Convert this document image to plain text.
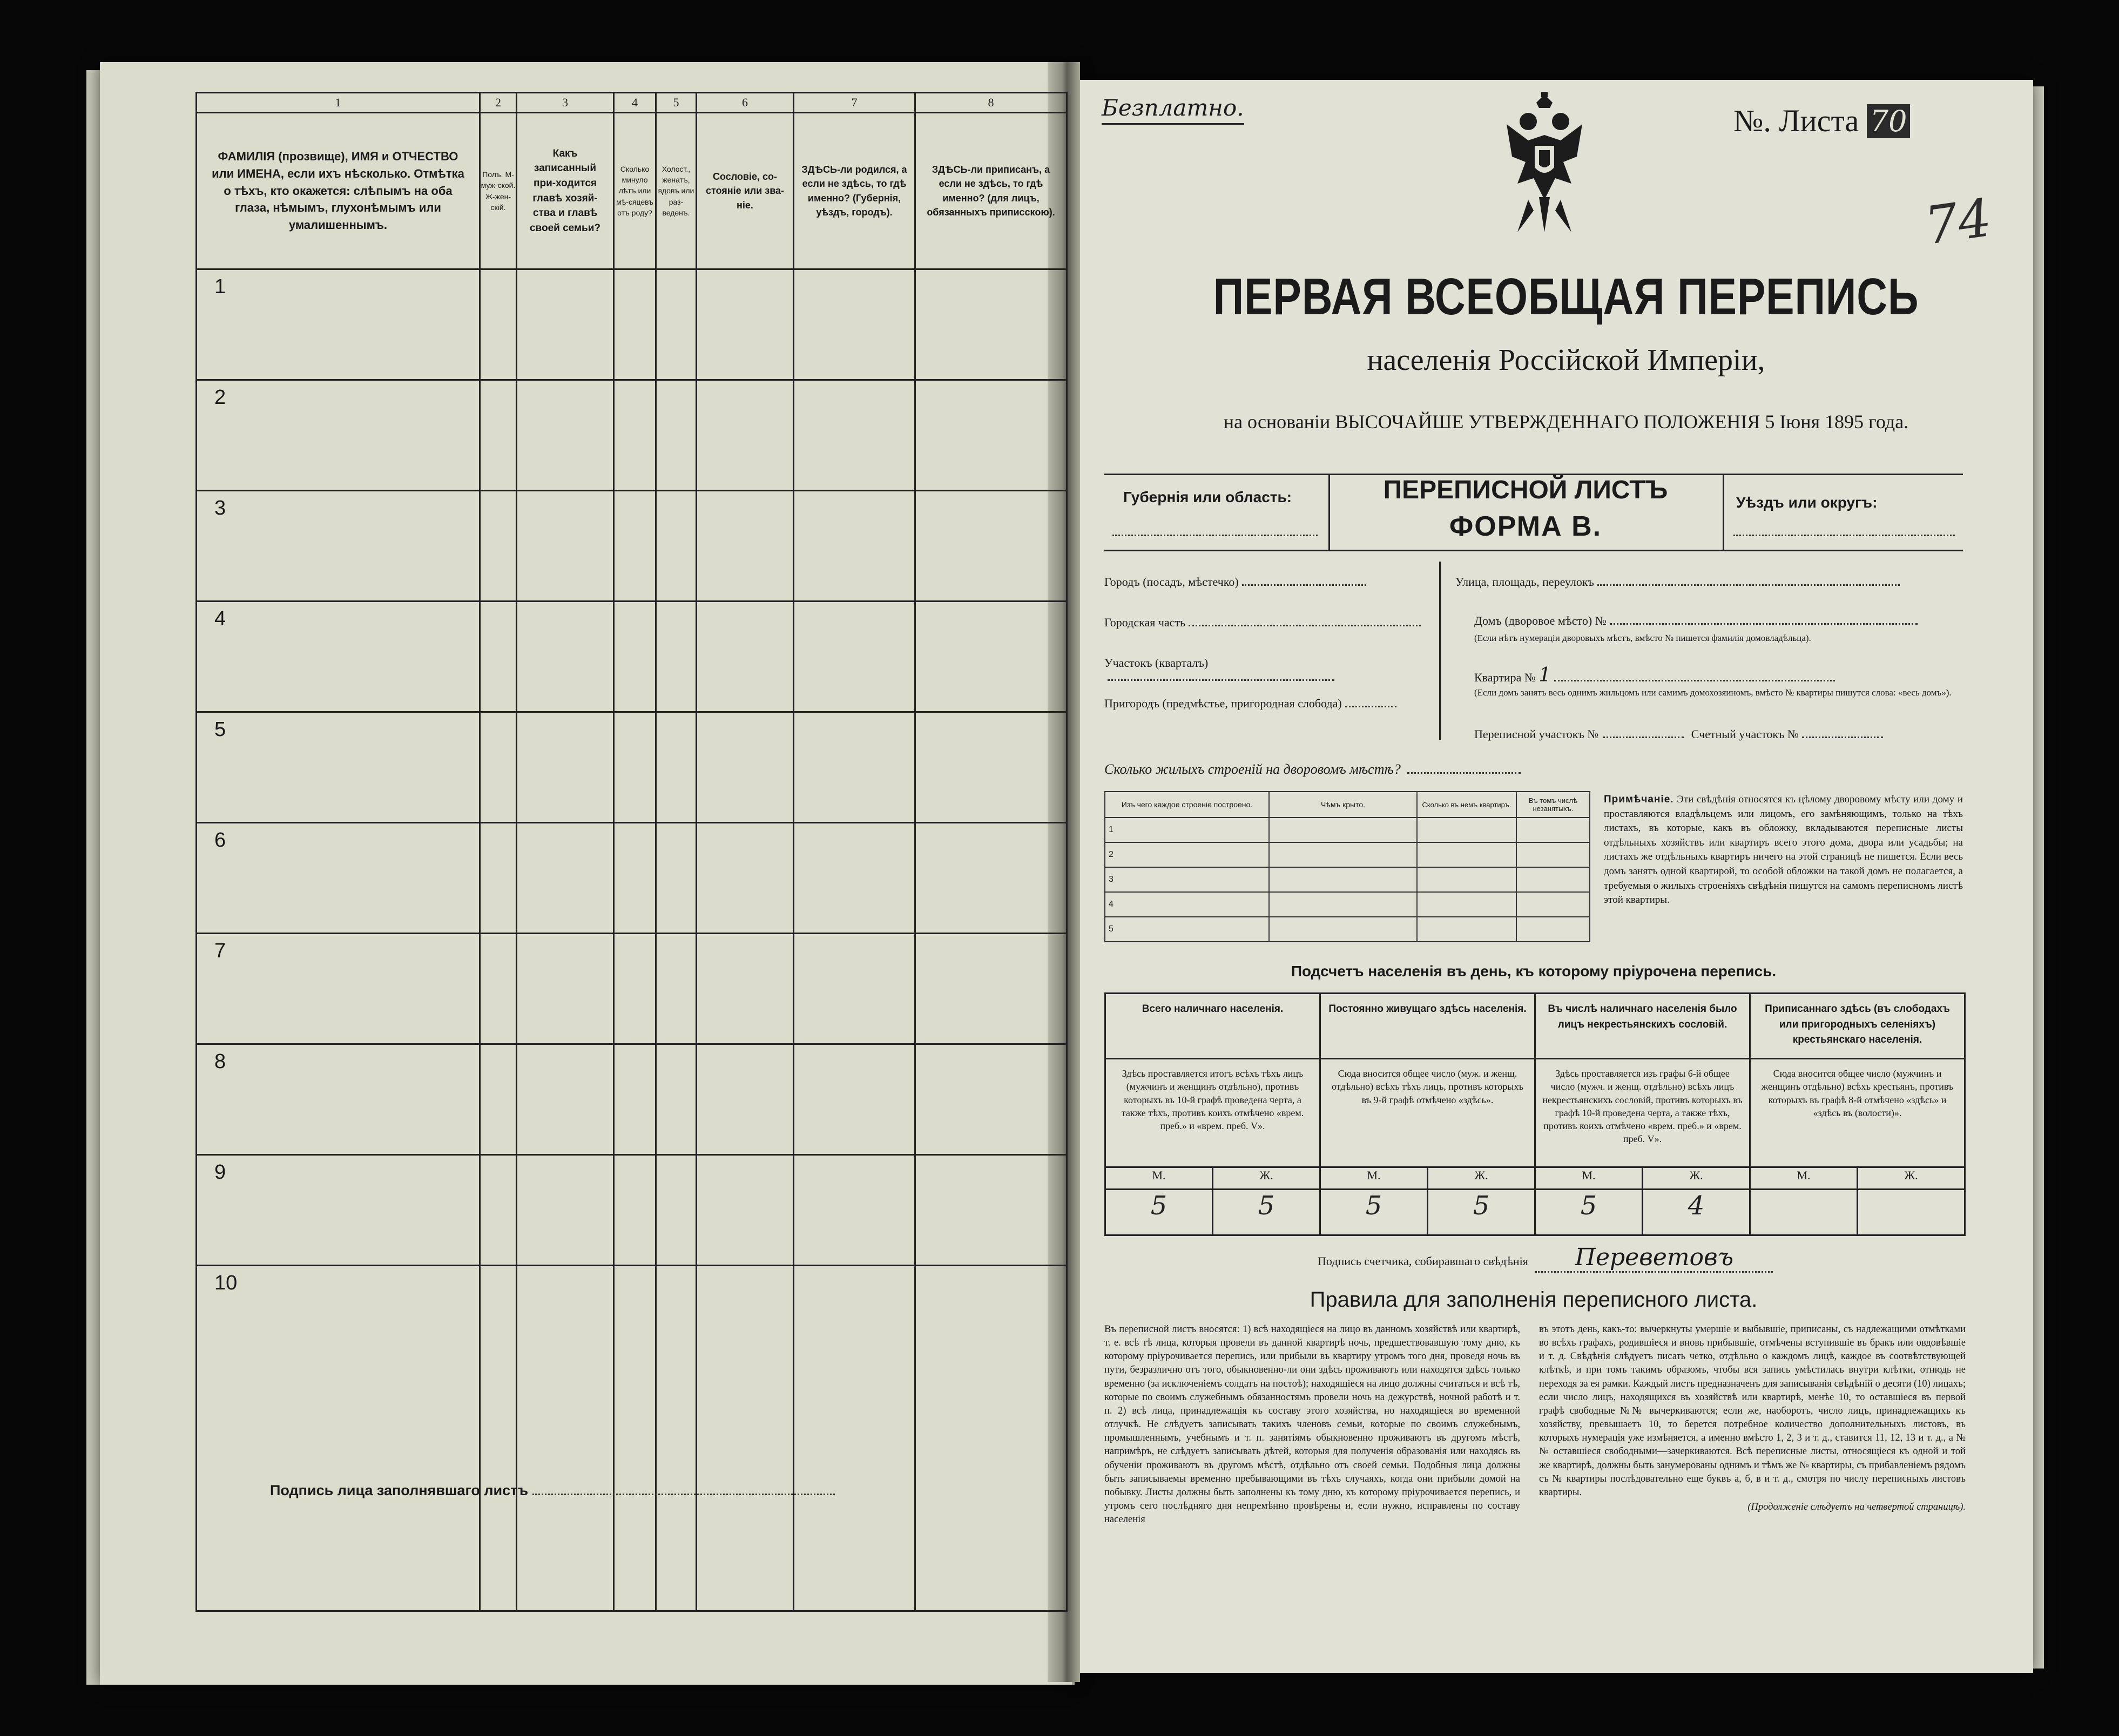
1	2	3	4	5	6	7	8
ФАМИЛІЯ (прозвище), ИМЯ и ОТЧЕСТВО или ИМЕНА, если ихъ нѣсколько. Отмѣтка о тѣхъ, кто окажется: слѣпымъ на оба глаза, нѣмымъ, глухонѣмымъ или умалишеннымъ.	Полъ. М-муж-ской. Ж-жен-скій.	Какъ записанный при-ходится главѣ хозяй-ства и главѣ своей семьи?	Сколько минуло лѣтъ или мѣ-сяцевъ отъ роду?	Холост., женатъ, вдовъ или раз-веденъ.	Сословіе, со-стояніе или зва-ніе.	ЗДѢСЬ-ли родился, а если не здѣсь, то гдѣ именно? (Губернія, уѣздъ, городъ).	ЗДѢСЬ-ли приписанъ, а если не здѣсь, то гдѣ именно? (для лицъ, обязанныхъ приписскою).
1							
2							
3							
4							
5							
6							
7							
8							
9							
10							
Подпись лица заполнявшаго листъ
Безплатно.	№. Листа 70
74
ПЕРВАЯ ВСЕОБЩАЯ ПЕРЕПИСЬ
населенія Россійской Имперіи,
на основаніи ВЫСОЧАЙШЕ УТВЕРЖДЕННАГО ПОЛОЖЕНІЯ 5 Іюня 1895 года.
Губернія или область:	ПЕРЕПИСНОЙ ЛИСТЪ
ФОРМА В.
Уѣздъ или округъ:
Городъ (посадъ, мѣстечко)
Городская часть
Участокъ (кварталъ)
Пригородъ (предмѣстье, пригородная слобода)
Улица, площадь, переулокъ
Домъ (дворовое мѣсто) №
(Если нѣтъ нумераціи дворовыхъ мѣстъ, вмѣсто № пишется фамилія домовладѣльца).
Квартира № 1
(Если домъ занятъ весь однимъ жильцомъ или самимъ домохозяиномъ, вмѣсто № квартиры пишутся слова: «весь домъ»).
Переписной участокъ №	Счетный участокъ №
Сколько жилыхъ строеній на дворовомъ мѣстѣ?
Изъ чего каждое строеніе построено.	Чѣмъ крыто.	Сколько въ немъ квартиръ.	Въ томъ числѣ незанятыхъ.
1			
2			
3			
4			
5			
Примѣчаніе. Эти свѣдѣнія относятся къ цѣлому дворовому мѣсту или дому и проставляются владѣльцемъ или лицомъ, его замѣняющимъ, только на тѣхъ листахъ, въ которые, какъ въ обложку, вкладываются переписные листы отдѣльныхъ хозяйствъ или квартиръ всего этого дома, двора или усадьбы; на листахъ же отдѣльныхъ квартиръ ничего на этой страницѣ не пишется. Если весь домъ занятъ одной квартирой, то особой обложки на такой домъ не полагается, а требуемыя о жилыхъ строеніяхъ свѣдѣнія пишутся на самомъ переписномъ листѣ этой квартиры.
Подсчетъ населенія въ день, къ которому пріурочена перепись.
Всего наличнаго населенія.		Постоянно живущаго здѣсь населенія.		Въ числѣ наличнаго населенія было лицъ некрестьянскихъ сословій.		Приписаннаго здѣсь (въ слободахъ или пригородныхъ селеніяхъ) крестьянскаго населенія.	
Здѣсь проставляется итогъ всѣхъ тѣхъ лицъ (мужчинъ и женщинъ отдѣльно), противъ которыхъ въ 10-й графѣ проведена черта, а также тѣхъ, противъ коихъ отмѣчено «врем. преб.» и «врем. преб. V».		Сюда вносится общее число (муж. и женщ. отдѣльно) всѣхъ тѣхъ лицъ, противъ которыхъ въ 9-й графѣ отмѣчено «здѣсь».		Здѣсь проставляется изъ графы 6-й общее число (мужч. и женщ. отдѣльно) всѣхъ лицъ некрестьянскихъ сословій, противъ которыхъ въ графѣ 10-й проведена черта, а также тѣхъ, противъ коихъ отмѣчено «врем. преб.» и «врем. преб. V».		Сюда вносится общее число (мужчинъ и женщинъ отдѣльно) всѣхъ крестьянъ, противъ которыхъ въ графѣ 8-й отмѣчено «здѣсь» и «здѣсь въ (волости)».	
М.	Ж.	М.	Ж.	М.	Ж.	М.	Ж.
5	5	5	5	5	4		
Подпись счетчика, собиравшаго свѣдѣнія Переветовъ
Правила для заполненія переписного листа.
Въ переписной листъ вносятся: 1) всѣ находящіеся на лицо въ данномъ хозяйствѣ или квартирѣ, т. е. всѣ тѣ лица, которыя провели въ данной квартирѣ ночь, предшествовавшую тому дню, къ которому пріурочивается перепись, или прибыли въ квартиру утромъ того дня, проведя ночь въ пути, безразлично отъ того, обыкновенно-ли они здѣсь проживаютъ или находятся здѣсь только временно (за исключеніемъ солдатъ на постоѣ); находящіеся на лицо должны считаться и всѣ тѣ, которые по своимъ служебнымъ обязанностямъ провели ночь на дежурствѣ, ночной работѣ и т. п. 2) всѣ лица, принадлежащія къ составу этого хозяйства, но находящіеся во временной отлучкѣ. Не слѣдуетъ записывать такихъ членовъ семьи, которые по своимъ служебнымъ, промышленнымъ, учебнымъ и т. п. занятіямъ обыкновенно проживаютъ въ другомъ мѣстѣ, напримѣръ, не слѣдуетъ записывать дѣтей, которыя для полученія образованія или находясь въ обученіи проживаютъ въ другомъ мѣстѣ, отдѣльно отъ своей семьи. Подобныя лица должны быть записываемы временно пребывающими въ тѣхъ случаяхъ, когда они прибыли домой на побывку. Листы должны быть заполнены къ тому дню, къ которому пріурочивается перепись, и утромъ сего послѣдняго дня непремѣнно провѣрены и, если нужно, исправлены по составу населенія
въ этотъ день, какъ-то: вычеркнуты умершіе и выбывшіе, приписаны, съ надлежащими отмѣтками во всѣхъ графахъ, родившіеся и вновь прибывшіе, отмѣчены вступившіе въ бракъ или овдовѣвшіе и т. д. Свѣдѣнія слѣдуетъ писать четко, отдѣльно о каждомъ лицѣ, каждое въ соотвѣтствующей клѣткѣ, и при томъ такимъ образомъ, чтобы вся запись умѣстилась внутри клѣтки, отнюдь не переходя за ея рамки. Каждый листъ предназначенъ для записыванія свѣдѣній о десяти (10) лицахъ; если число лицъ, находящихся въ хозяйствѣ или квартирѣ, менѣе 10, то оставшіеся въ первой графѣ свободные №№ вычеркиваются; если же, наоборотъ, число лицъ, принадлежащихъ къ хозяйству, превышаетъ 10, то берется потребное количество дополнительныхъ листовъ, въ которыхъ нумерація уже измѣняется, а именно вмѣсто 1, 2, 3 и т. д., ставится 11, 12, 13 и т. д., а №№ оставшіеся свободными—зачеркиваются. Всѣ переписные листы, относящіеся къ одной и той же квартирѣ, должны быть занумерованы однимъ и тѣмъ же № квартиры, съ прибавленіемъ рядомъ съ № квартиры послѣдовательно еще буквъ а, б, в и т. д., смотря по числу переписныхъ листовъ квартиры.
(Продолженіе слѣдуетъ на четвертой страницѣ).
